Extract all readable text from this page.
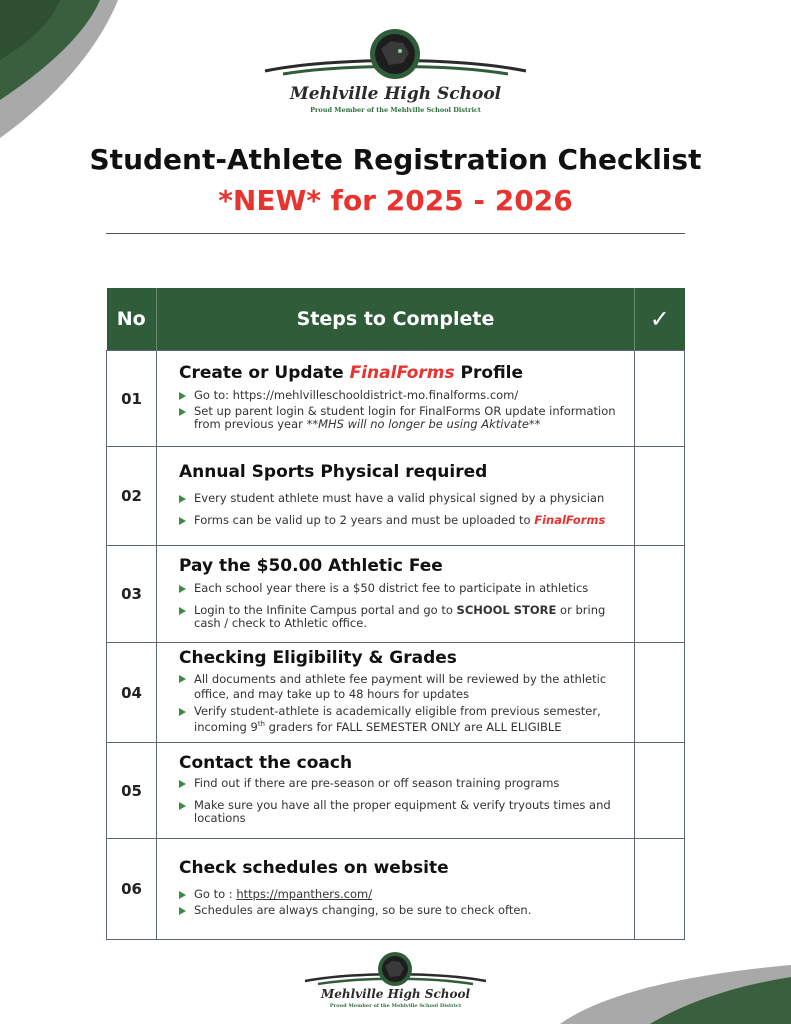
Mehlville High School
Proud Member of the Mehlville School District
Student-Athlete Registration Checklist
*NEW* for 2025 - 2026
No	Steps to Complete	✓
01	Create or Update FinalForms Profile
Go to: https://mehlvilleschooldistrict-mo.finalforms.com/
Set up parent login & student login for FinalForms OR update information from previous year **MHS will no longer be using Aktivate**	

02	Annual Sports Physical required
Every student athlete must have a valid physical signed by a physician
Forms can be valid up to 2 years and must be uploaded to FinalForms	

03	Pay the $50.00 Athletic Fee
Each school year there is a $50 district fee to participate in athletics
Login to the Infinite Campus portal and go to SCHOOL STORE or bring cash / check to Athletic office.	

04	Checking Eligibility & Grades
All documents and athlete fee payment will be reviewed by the athletic office, and may take up to 48 hours for updates
Verify student-athlete is academically eligible from previous semester, incoming 9th graders for FALL SEMESTER ONLY are ALL ELIGIBLE	

05	Contact the coach
Find out if there are pre-season or off season training programs
Make sure you have all the proper equipment & verify tryouts times and locations	

06	Check schedules on website
Go to : https://mpanthers.com/
Schedules are always changing, so be sure to check often.	

Mehlville High School
Proud Member of the Mehlville School District
